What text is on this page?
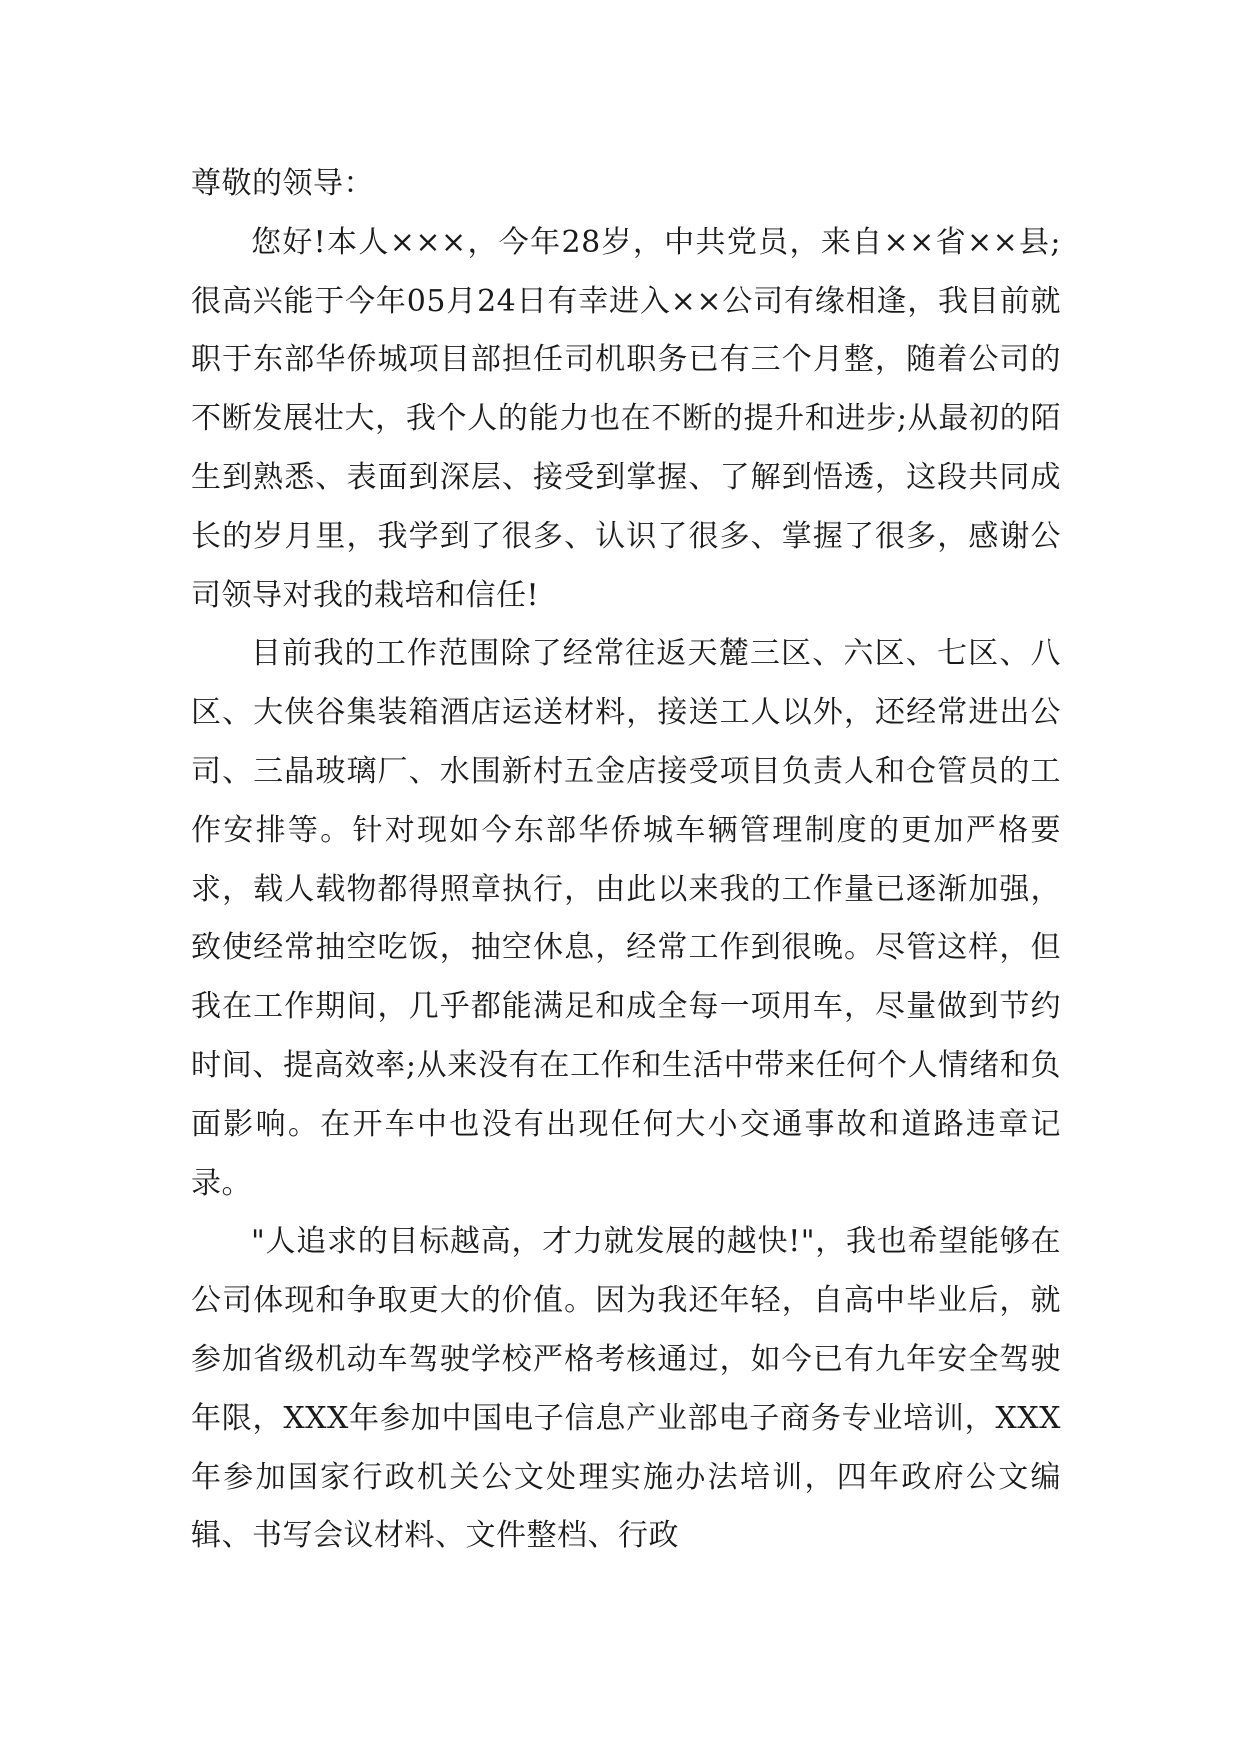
尊敬的领导：

您好!本人×××，今年28岁，中共党员，来自××省××县;很高兴能于今年05月24日有幸进入××公司有缘相逢，我目前就职于东部华侨城项目部担任司机职务已有三个月整，随着公司的不断发展壮大，我个人的能力也在不断的提升和进步;从最初的陌生到熟悉、表面到深层、接受到掌握、了解到悟透，这段共同成长的岁月里，我学到了很多、认识了很多、掌握了很多，感谢公司领导对我的栽培和信任!

目前我的工作范围除了经常往返天麓三区、六区、七区、八区、大侠谷集装箱酒店运送材料，接送工人以外，还经常进出公司、三晶玻璃厂、水围新村五金店接受项目负责人和仓管员的工作安排等。针对现如今东部华侨城车辆管理制度的更加严格要求，载人载物都得照章执行，由此以来我的工作量已逐渐加强，致使经常抽空吃饭，抽空休息，经常工作到很晚。尽管这样，但我在工作期间，几乎都能满足和成全每一项用车，尽量做到节约时间、提高效率;从来没有在工作和生活中带来任何个人情绪和负面影响。在开车中也没有出现任何大小交通事故和道路违章记录。

"人追求的目标越高，才力就发展的越快!"，我也希望能够在公司体现和争取更大的价值。因为我还年轻，自高中毕业后，就参加省级机动车驾驶学校严格考核通过，如今已有九年安全驾驶年限，XXX年参加中国电子信息产业部电子商务专业培训，XXX年参加国家行政机关公文处理实施办法培训，四年政府公文编辑、书写会议材料、文件整档、行政
